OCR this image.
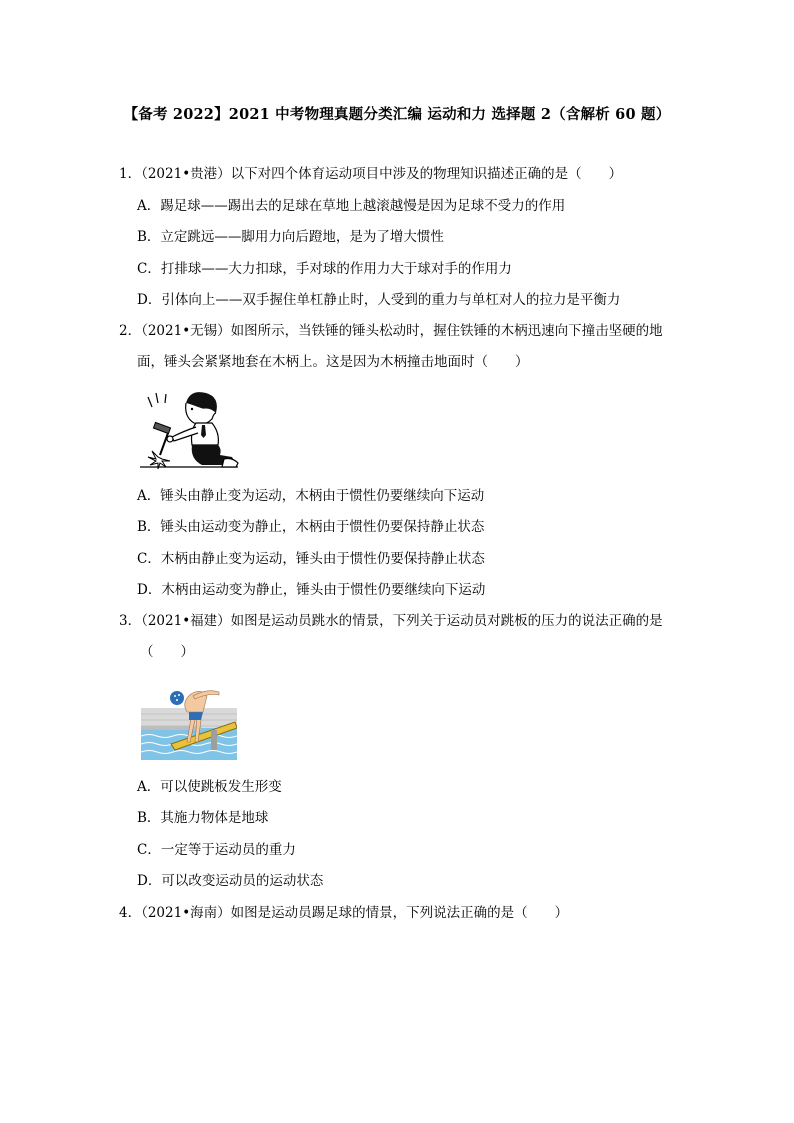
【备考 2022】2021 中考物理真题分类汇编 运动和力 选择题 2（含解析 60 题）
1．（2021•贵港）以下对四个体育运动项目中涉及的物理知识描述正确的是（　　）
A．踢足球——踢出去的足球在草地上越滚越慢是因为足球不受力的作用
B．立定跳远——脚用力向后蹬地，是为了增大惯性
C．打排球——大力扣球，手对球的作用力大于球对手的作用力
D．引体向上——双手握住单杠静止时，人受到的重力与单杠对人的拉力是平衡力
2．（2021•无锡）如图所示，当铁锤的锤头松动时，握住铁锤的木柄迅速向下撞击坚硬的地
面，锤头会紧紧地套在木柄上。这是因为木柄撞击地面时（　　）
A．锤头由静止变为运动，木柄由于惯性仍要继续向下运动
B．锤头由运动变为静止，木柄由于惯性仍要保持静止状态
C．木柄由静止变为运动，锤头由于惯性仍要保持静止状态
D．木柄由运动变为静止，锤头由于惯性仍要继续向下运动
3．（2021•福建）如图是运动员跳水的情景，下列关于运动员对跳板的压力的说法正确的是
（　　）
A．可以使跳板发生形变
B．其施力物体是地球
C．一定等于运动员的重力
D．可以改变运动员的运动状态
4．（2021•海南）如图是运动员踢足球的情景，下列说法正确的是（　　）
